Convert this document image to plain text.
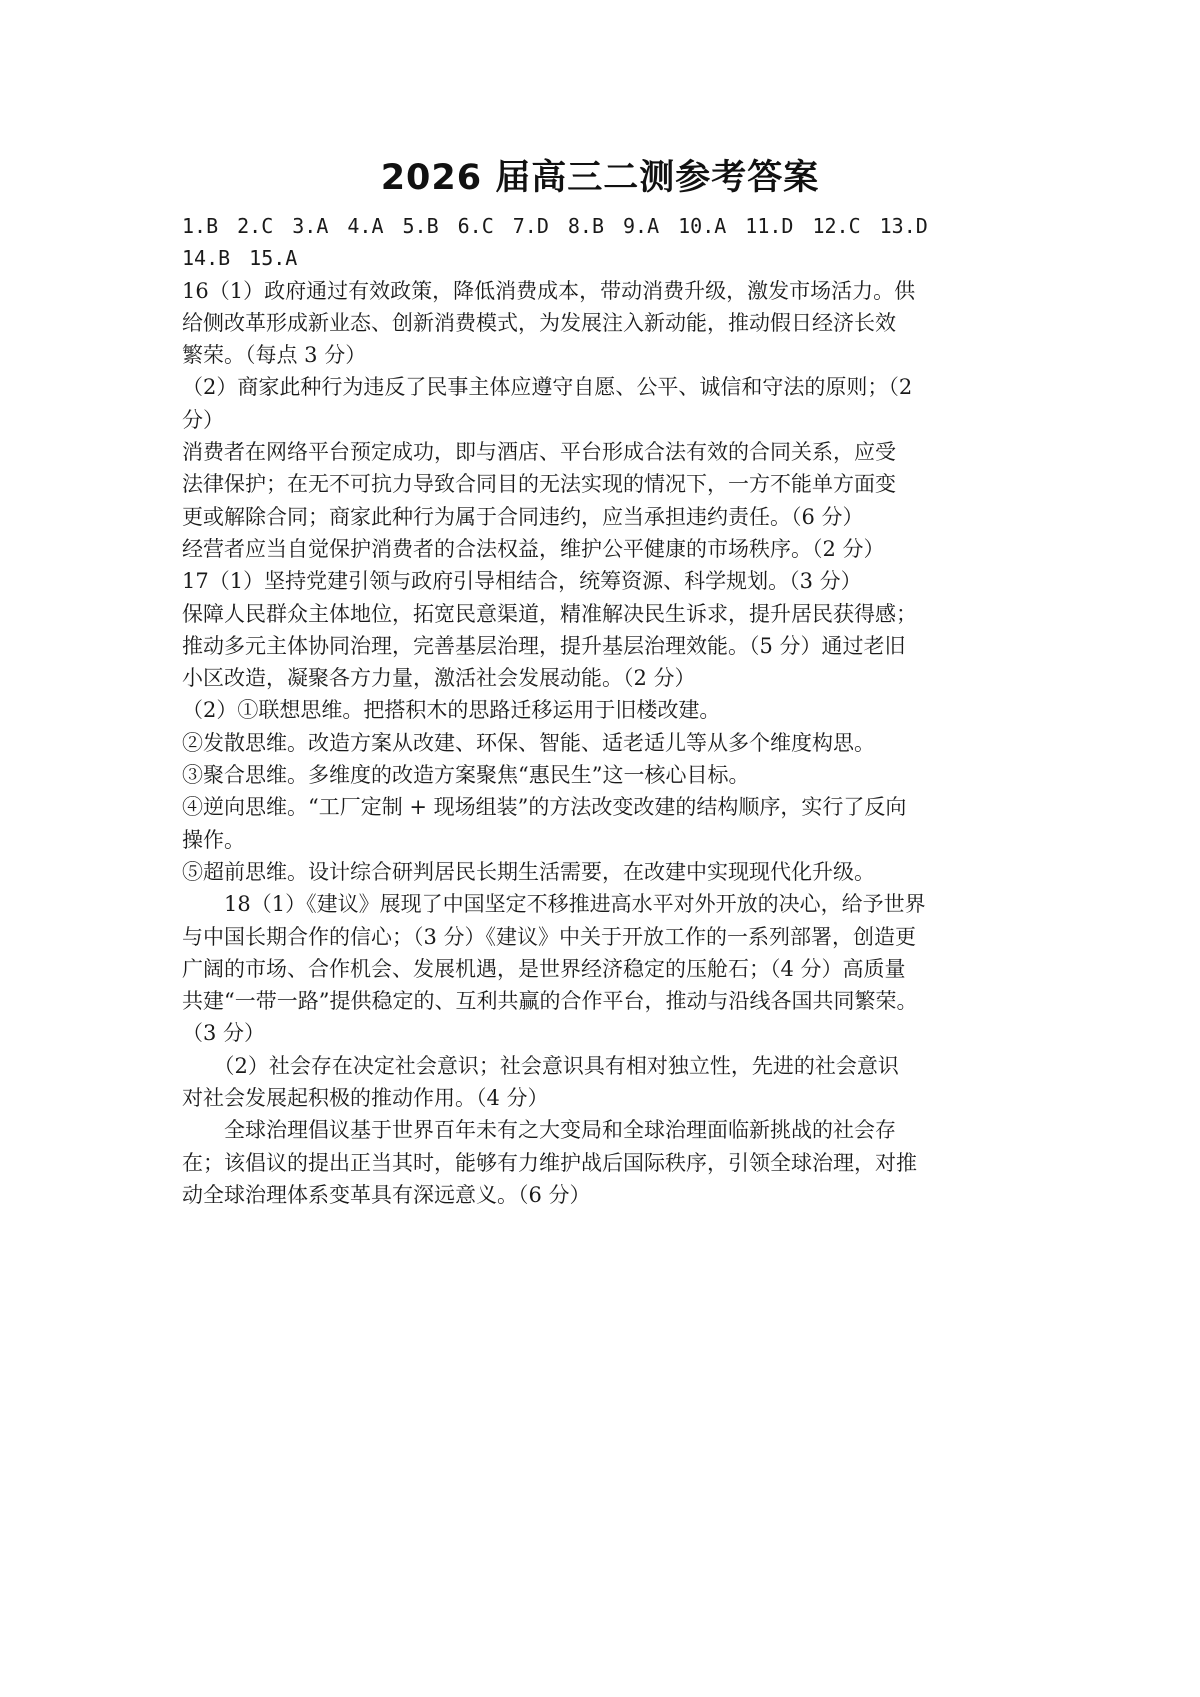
2026 届高三二测参考答案
1.B 2.C 3.A 4.A 5.B 6.C 7.D 8.B 9.A 10.A 11.D 12.C 13.D
14.B 15.A
16（1）政府通过有效政策，降低消费成本，带动消费升级，激发市场活力。供
给侧改革形成新业态、创新消费模式，为发展注入新动能，推动假日经济长效
繁荣。（每点 3 分）
（2）商家此种行为违反了民事主体应遵守自愿、公平、诚信和守法的原则；（2
分）
消费者在网络平台预定成功，即与酒店、平台形成合法有效的合同关系，应受
法律保护；在无不可抗力导致合同目的无法实现的情况下，一方不能单方面变
更或解除合同；商家此种行为属于合同违约，应当承担违约责任。（6 分）
经营者应当自觉保护消费者的合法权益，维护公平健康的市场秩序。（2 分）
17（1）坚持党建引领与政府引导相结合，统筹资源、科学规划。（3 分）
保障人民群众主体地位，拓宽民意渠道，精准解决民生诉求，提升居民获得感；
推动多元主体协同治理，完善基层治理，提升基层治理效能。（5 分）通过老旧
小区改造，凝聚各方力量，激活社会发展动能。（2 分）
（2）①联想思维。把搭积木的思路迁移运用于旧楼改建。
②发散思维。改造方案从改建、环保、智能、适老适儿等从多个维度构思。
③聚合思维。多维度的改造方案聚焦“惠民生”这一核心目标。
④逆向思维。“工厂定制 + 现场组装”的方法改变改建的结构顺序，实行了反向
操作。
⑤超前思维。设计综合研判居民长期生活需要，在改建中实现现代化升级。
　　18（1）《建议》展现了中国坚定不移推进高水平对外开放的决心，给予世界
与中国长期合作的信心；（3 分）《建议》中关于开放工作的一系列部署，创造更
广阔的市场、合作机会、发展机遇，是世界经济稳定的压舱石；（4 分）高质量
共建“一带一路”提供稳定的、互利共赢的合作平台，推动与沿线各国共同繁荣。
（3 分）
　　（2）社会存在决定社会意识；社会意识具有相对独立性，先进的社会意识
对社会发展起积极的推动作用。（4 分）
　　全球治理倡议基于世界百年未有之大变局和全球治理面临新挑战的社会存
在；该倡议的提出正当其时，能够有力维护战后国际秩序，引领全球治理，对推
动全球治理体系变革具有深远意义。（6 分）
